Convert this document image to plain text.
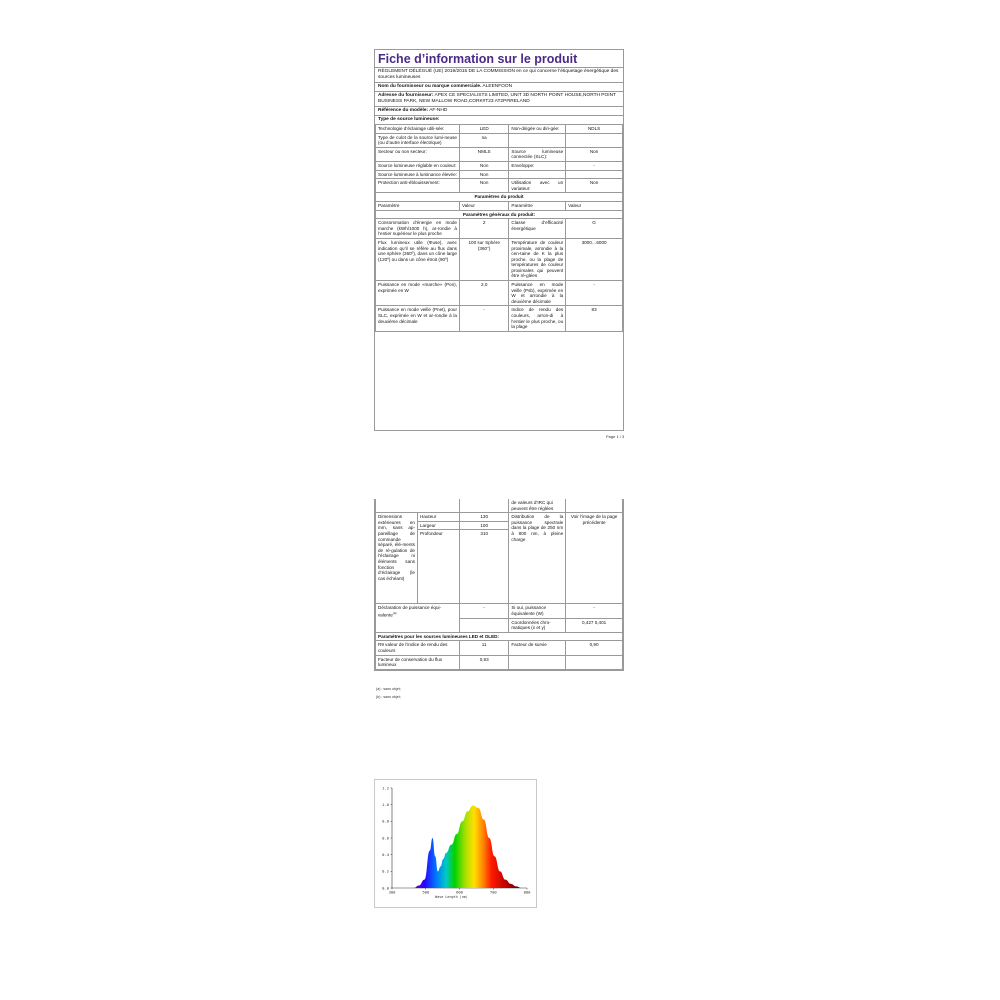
Fiche d’information sur le produit
RÈGLEMENT DÉLÉGUÉ (UE) 2019/2015 DE LA COMMISSION en ce qui concerne l’étiquetage énergétique des sources lumineuses
Nom du fournisseur ou marque commerciale. ALEENFOON
Adresse du fournisseur: APEX CE SPECIALISTS LIMITED, UNIT 3D NORTH POINT HOUSE,NORTH POINT BUSINESS PARK, NEW MALLOW ROAD,CORK#T23 AT2P#IRELAND
Référence du modèle: AF-NHD
Type de source lumineuse:
Technologie d’éclairage utili-sée:	LED	Non-dirigée ou diri-gée:	NDLS
Type de culot de la source lumi-neuse (ou d’autre interface électrique)	na		
Secteur ou non secteur:	NMLS	Source lumineuse connectée (SLC):	Non
Source lumineuse réglable en couleur:	Non	Enveloppe:	-
Source lumineuse à luminance élevée:	Non		
Protection anti-éblouissement:	Non	Utilisation avec un variateur:	Non
Paramètres du produit			
Paramètre	Valeur	Paramètre	Valeur
Paramètres généraux du produit:			
Consommation d’énergie en mode marche (kWh/1000 h), ar-rondie à l’entier supérieur le plus proche	2	Classe d’efficacité énergétique	G
Flux lumineux utile (Φuse), avec indication qu’il se réfère au flux dans une sphère (360º), dans un cône large (120º) ou dans un cône étroit (90º)	100 sur Sphère (360°)	Température de couleur proximale, arrondie à la cen-taine de K la plus proche, ou la plage de températures de couleur proximales qui peuvent être ré-glées	3000…6000
Puissance en mode «marche» (Pon), exprimée en W	2,0	Puissance en mode veille (Psb), exprimée en W et arrondie à la deuxième décimale	-
Puissance en mode veille (Pnet), pour SLC, exprimée en W et ar-rondie à la deuxième décimale	-	Indice de rendu des couleurs, arron-di à l’entier le plus proche, ou la plage	83
Page 1 / 3
			de valeurs d’IRC qui peuvent être réglées	
Dimensions extérieures en mm, sans ap-pareillage de commande séparé, élé-ments de ré-gulation de l’éclairage ni éléments sans fonction d’éclairage (le cas échéant)	Hauteur	130	Distribution de la puissance spectrale dans la plage de 250 nm à 800 nm, à pleine charge	Voir l’image de la page précédente
	Largeur	100		
	Profondeur	310		
Déclaration de puissance équi-valente$^{(a)}$		-	Si oui, puissance équivalente (W)	-
			Coordonnées chro-matiques (x et y)	0,427 0,401
Paramètres pour les sources lumineuses LED et OLED:				
R9 valeur de l’indice de rendu des couleurs		11	Facteur de survie	0,90
Facteur de conservation du flux lumineux		0,93		
(a) : sans objet;
(b) : sans objet;
0.0
0.2
0.4
0.6
0.8
1.0
1.2
300	500	600	700	800
Wave Length (nm)
